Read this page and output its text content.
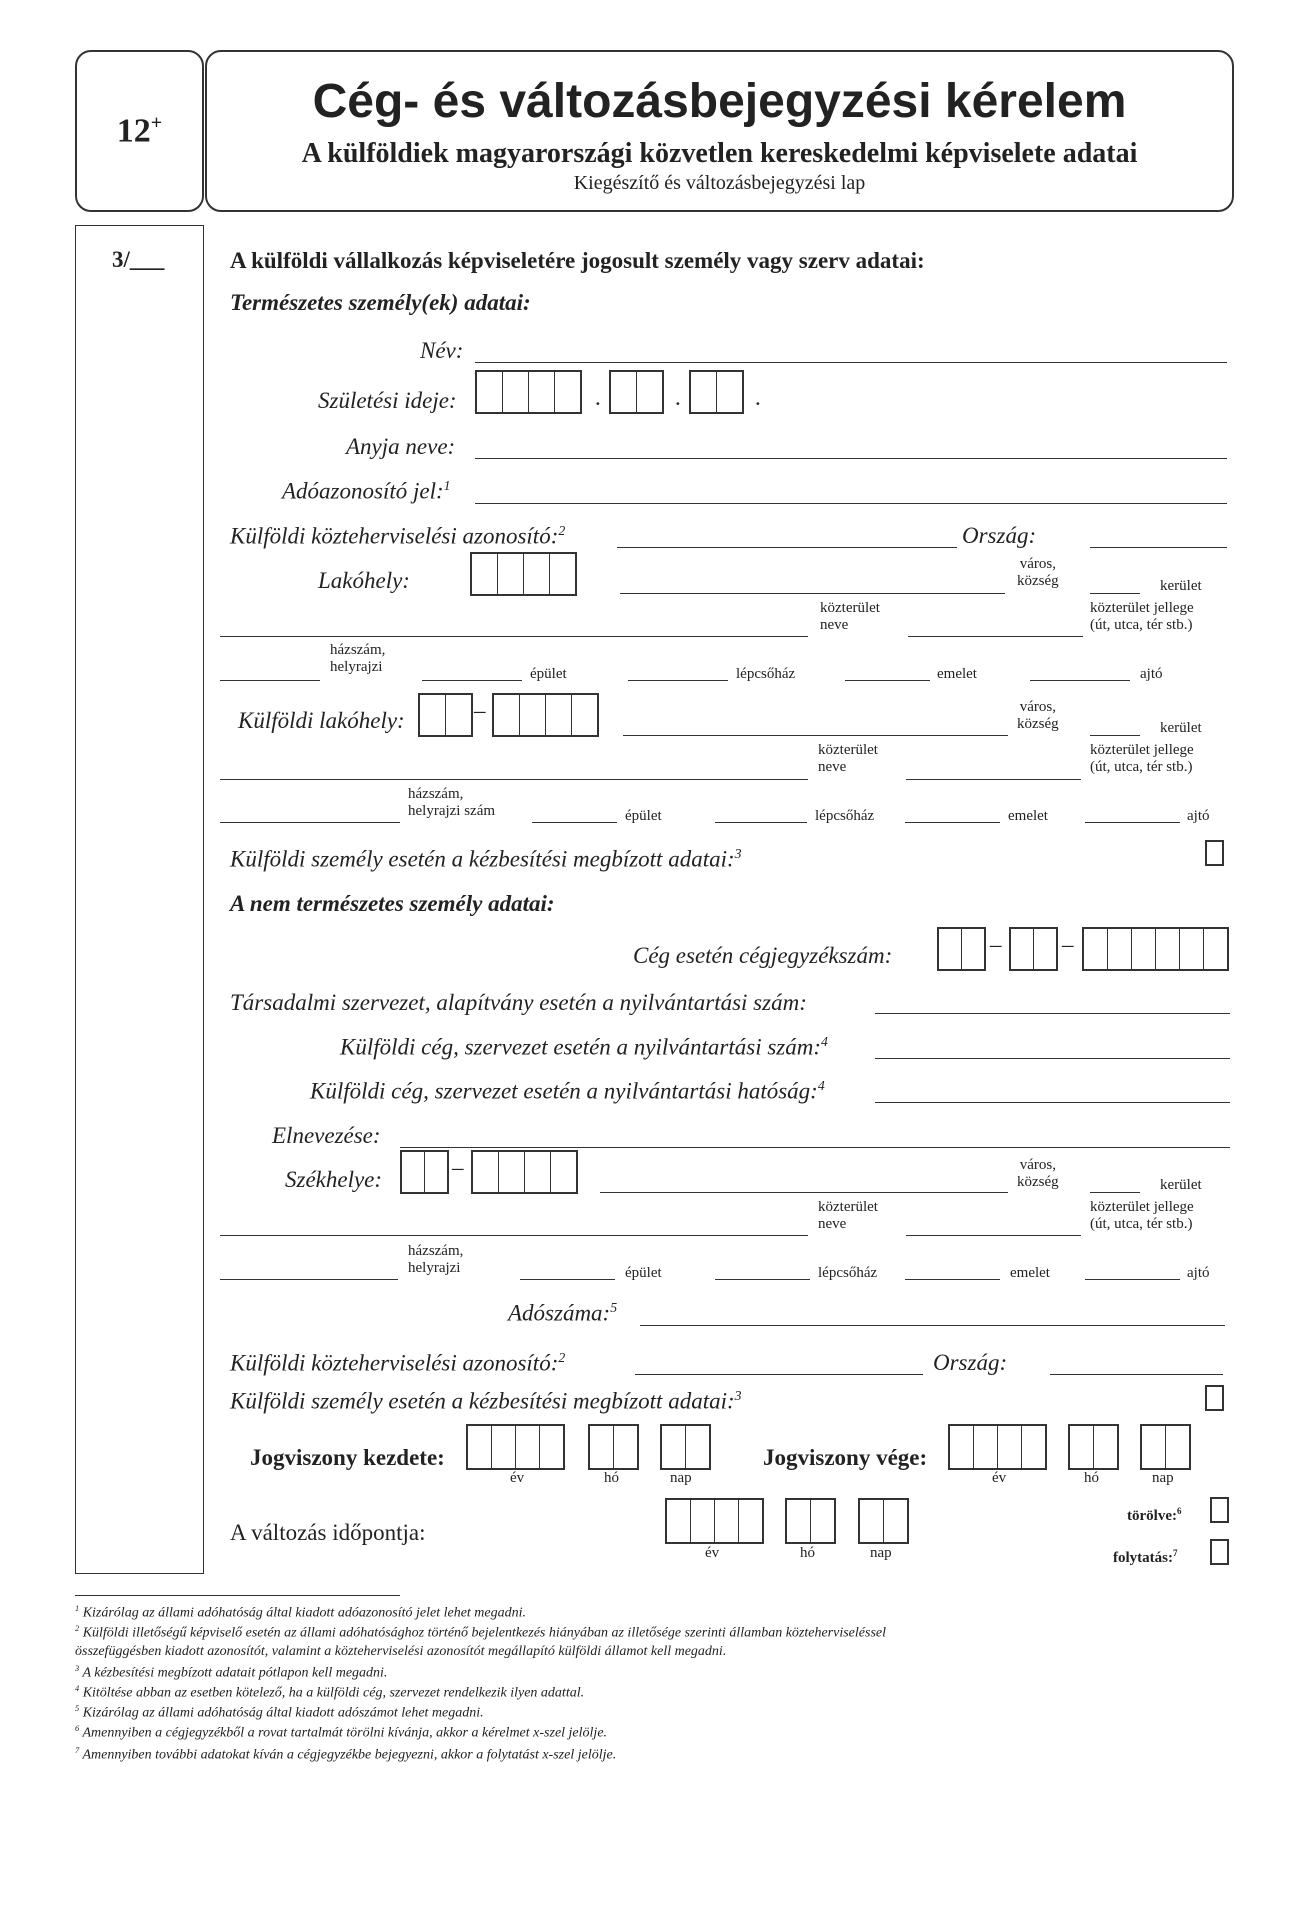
12+	Cég- és változásbejegyzési kérelem
A külföldiek magyarországi közvetlen kereskedelmi képviselete adatai
Kiegészítő és változásbejegyzési lap
3/___	A külföldi vállalkozás képviseletére jogosult személy vagy szerv adatai:
Természetes személy(ek) adatai:
Név:
Születési ideje:	.	.	.
Anyja neve:
Adóazonosító jel:$^1$
Külföldi közteherviselési azonosító:$^2$	Ország:
Lakóhely:
város,
község	kerület
közterület
neve
közterület jellege
(út, utca, tér stb.)
házszám,
helyrajzi	épület	lépcsőház	emelet	ajtó
Külföldi lakóhely:	–	város,
község	kerület
közterület
neve
közterület jellege
(út, utca, tér stb.)
házszám,
helyrajzi szám	épület	lépcsőház	emelet	ajtó
Külföldi személy esetén a kézbesítési megbízott adatai:$^3$
A nem természetes személy adatai:
Cég esetén cégjegyzékszám:	–	–
Társadalmi szervezet, alapítvány esetén a nyilvántartási szám:
Külföldi cég, szervezet esetén a nyilvántartási szám:$^4$
Külföldi cég, szervezet esetén a nyilvántartási hatóság:$^4$
Elnevezése:
Székhelye:	–	város,
község	kerület
közterület
neve
közterület jellege
(út, utca, tér stb.)
házszám,
helyrajzi	épület	lépcsőház	emelet	ajtó
Adószáma:$^5$
Külföldi közteherviselési azonosító:$^2$	Ország:
Külföldi személy esetén a kézbesítési megbízott adatai:$^3$
Jogviszony kezdete:
év	hó	nap
Jogviszony vége:
év	hó	nap
A változás időpontja:
év	hó	nap
törölve:$^6$
folytatás:$^7$
$^1$ Kizárólag az állami adóhatóság által kiadott adóazonosító jelet lehet megadni.
$^2$ Külföldi illetőségű képviselő esetén az állami adóhatósághoz történő bejelentkezés hiányában az illetősége szerinti államban közteherviseléssel
összefüggésben kiadott azonosítót, valamint a közteherviselési azonosítót megállapító külföldi államot kell megadni.
$^3$ A kézbesítési megbízott adatait pótlapon kell megadni.
$^4$ Kitöltése abban az esetben kötelező, ha a külföldi cég, szervezet rendelkezik ilyen adattal.
$^5$ Kizárólag az állami adóhatóság által kiadott adószámot lehet megadni.
$^6$ Amennyiben a cégjegyzékből a rovat tartalmát törölni kívánja, akkor a kérelmet x-szel jelölje.
$^7$ Amennyiben további adatokat kíván a cégjegyzékbe bejegyezni, akkor a folytatást x-szel jelölje.
